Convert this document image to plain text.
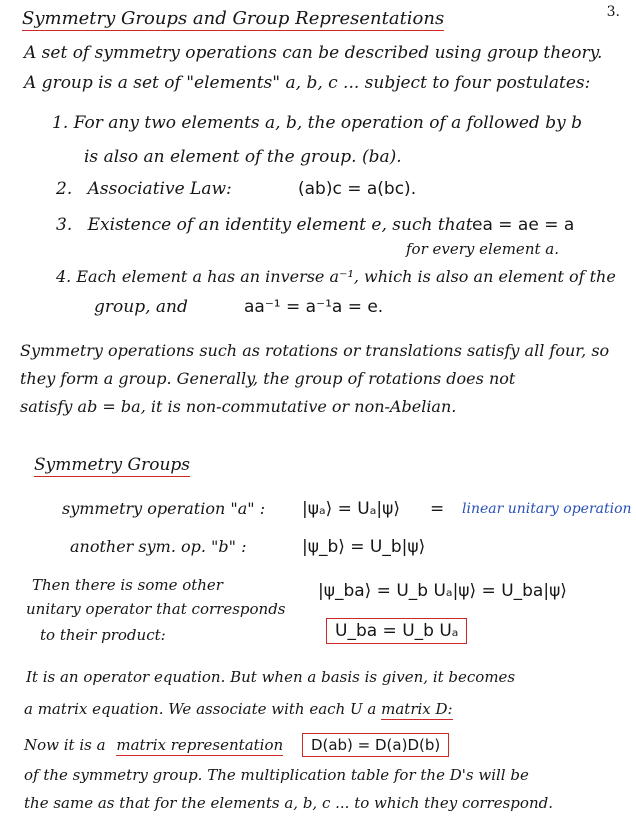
3.
Symmetry Groups and Group Representations
A set of symmetry operations can be described using group theory.
A group is a set of "elements" a, b, c ... subject to four postulates:
1. For any two elements a, b, the operation of a followed by b
is also an element of the group. (ba).
2. Associative Law:	(ab)c = a(bc).
3. Existence of an identity element e, such that ea = ae = a
for every element a.
4. Each element a has an inverse a⁻¹, which is also an element of the
group, and	aa⁻¹ = a⁻¹a = e.
Symmetry operations such as rotations or translations satisfy all four, so
they form a group. Generally, the group of rotations does not
satisfy ab = ba, it is non-commutative or non-Abelian.
Symmetry Groups
symmetry operation "a" : |ψₐ⟩ = Uₐ|ψ⟩ = linear unitary operation
another sym. op. "b" :	|ψ_b⟩ = U_b|ψ⟩
Then there is some other
unitary operator that corresponds
to their product:
|ψ_ba⟩ = U_b Uₐ|ψ⟩ = U_ba|ψ⟩
U_ba = U_b Uₐ
It is an operator equation. But when a basis is given, it becomes
a matrix equation. We associate with each U a matrix D:
Now it is a matrix representation D(ab) = D(a)D(b)
of the symmetry group. The multiplication table for the D's will be
the same as that for the elements a, b, c ... to which they correspond.
